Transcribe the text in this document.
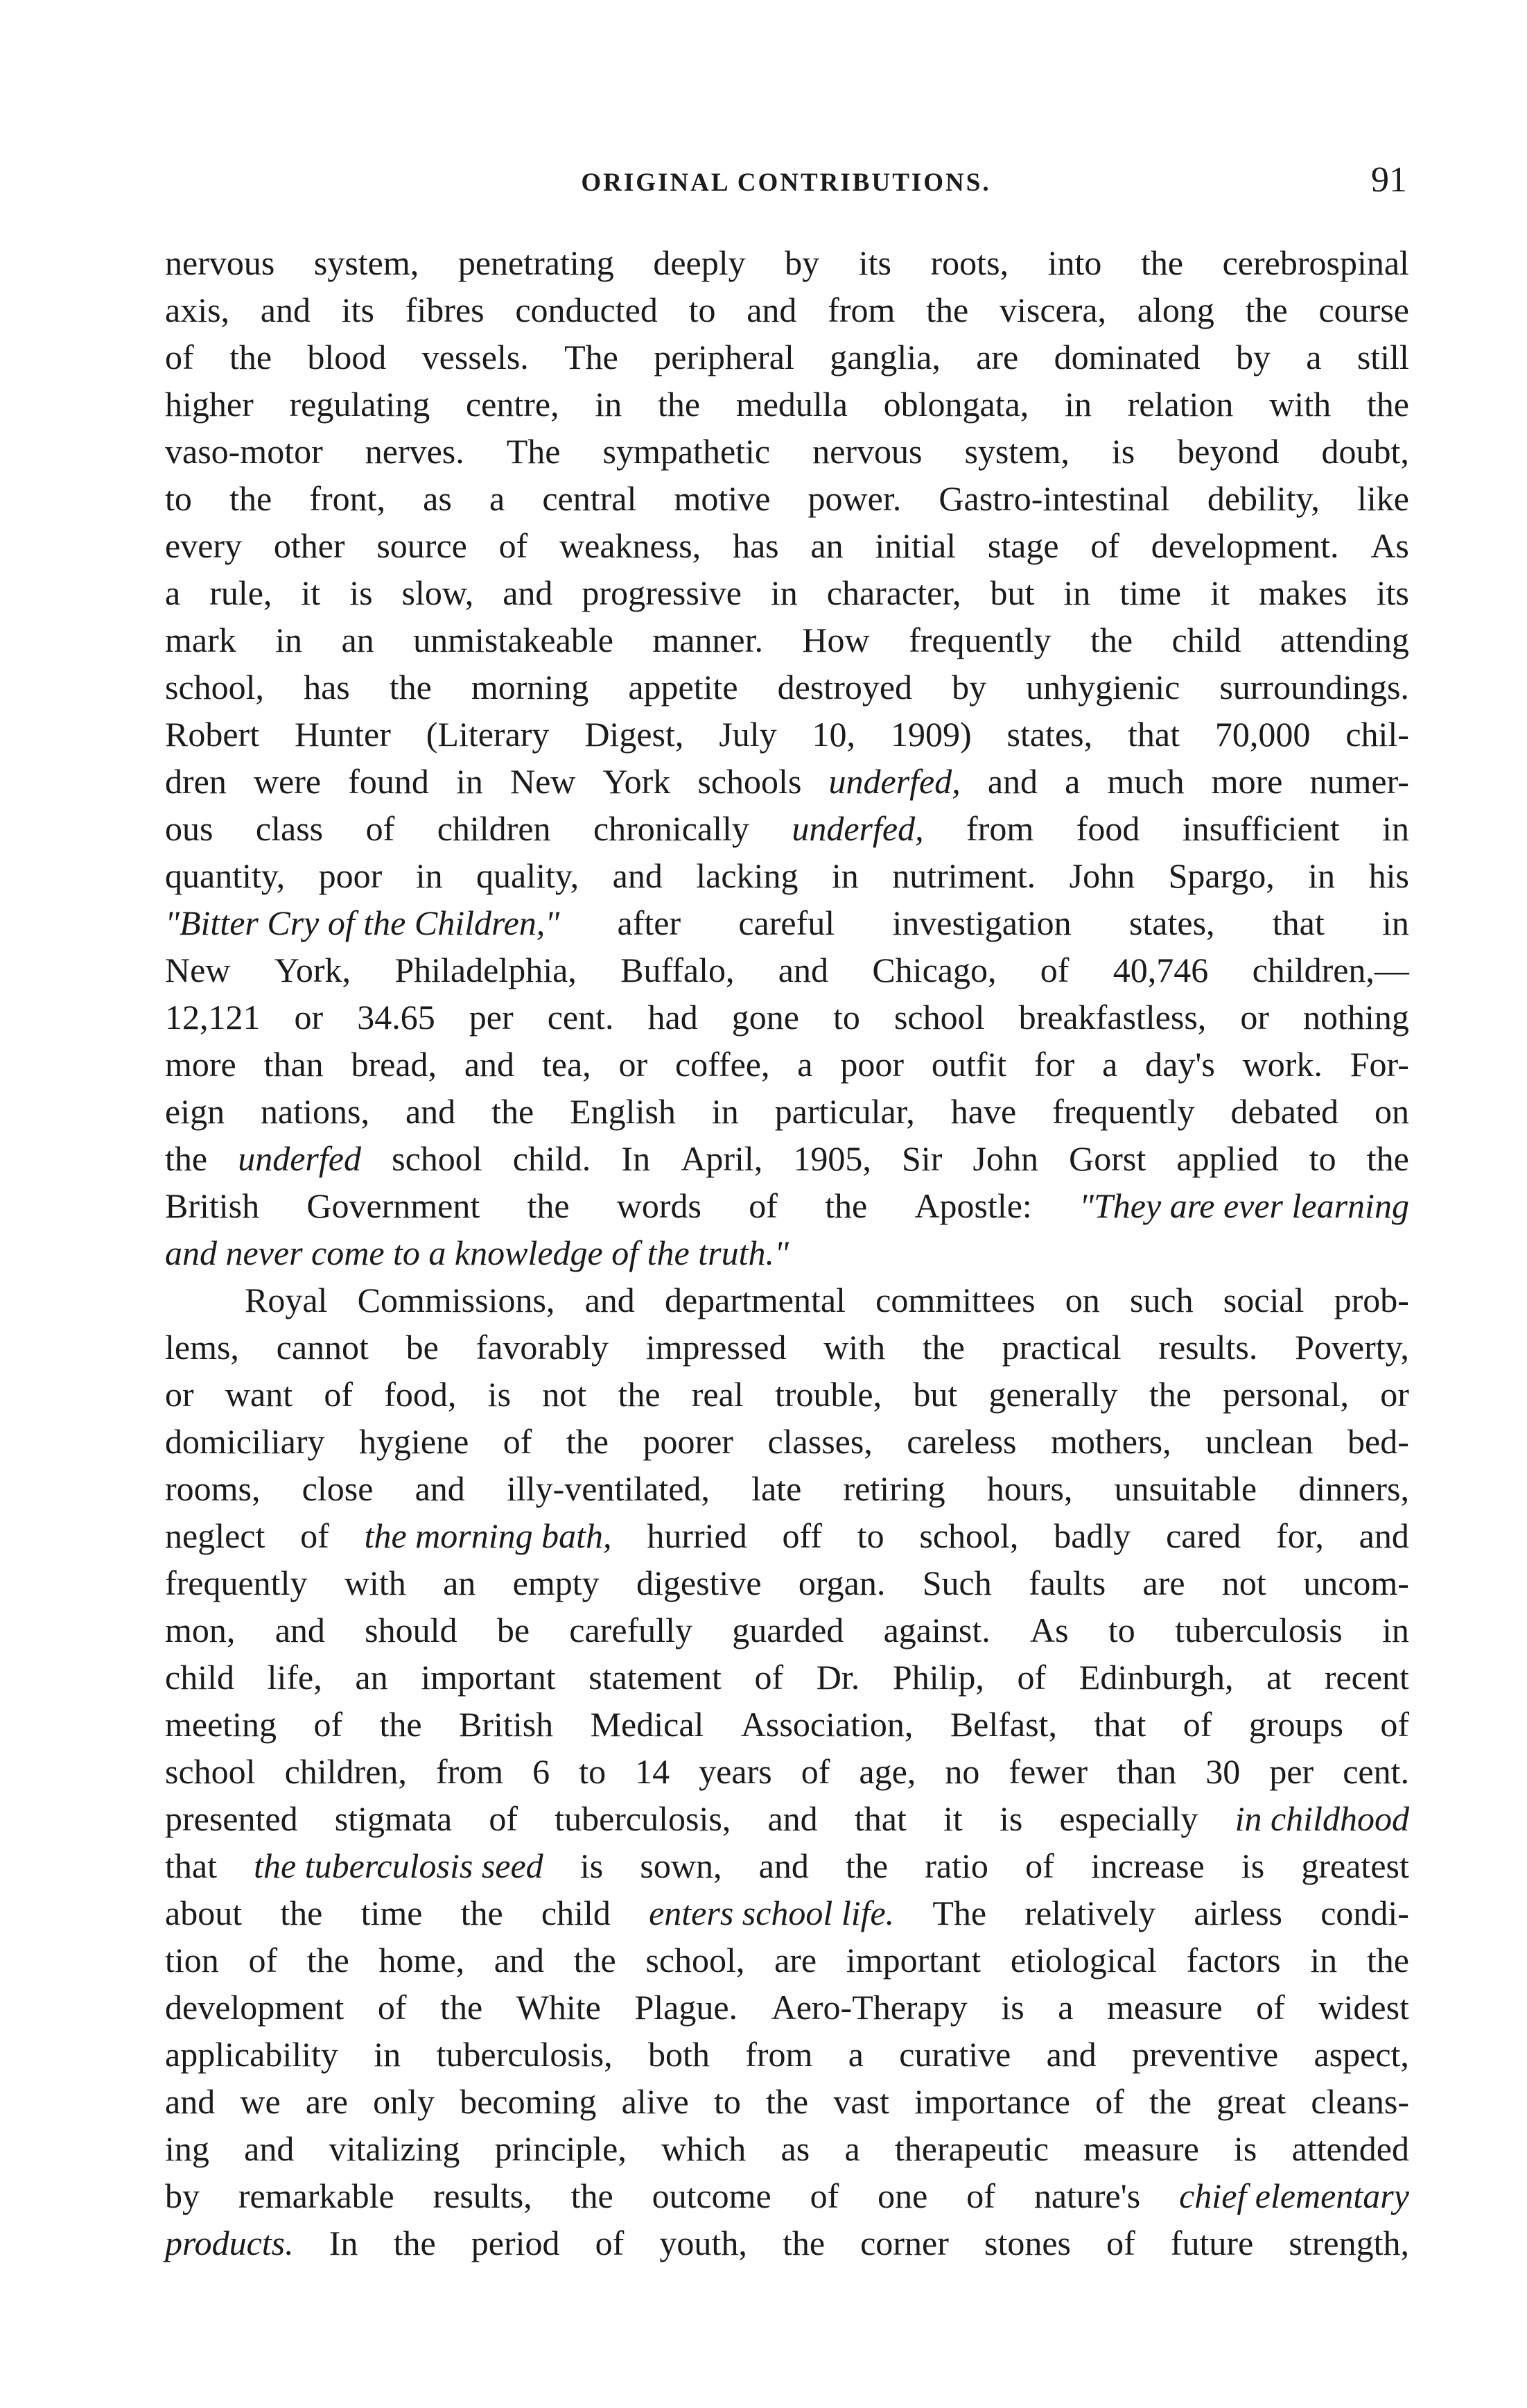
ORIGINAL CONTRIBUTIONS.	91
nervous system, penetrating deeply by its roots, into the cerebrospinal
axis, and its fibres conducted to and from the viscera, along the course
of the blood vessels. The peripheral ganglia, are dominated by a still
higher regulating centre, in the medulla oblongata, in relation with the
vaso-motor nerves. The sympathetic nervous system, is beyond doubt,
to the front, as a central motive power. Gastro-intestinal debility, like
every other source of weakness, has an initial stage of development. As
a rule, it is slow, and progressive in character, but in time it makes its
mark in an unmistakeable manner. How frequently the child attending
school, has the morning appetite destroyed by unhygienic surroundings.
Robert Hunter (Literary Digest, July 10, 1909) states, that 70,000 chil-
dren were found in New York schools underfed, and a much more numer-
ous class of children chronically underfed, from food insufficient in
quantity, poor in quality, and lacking in nutriment. John Spargo, in his
"Bitter Cry of the Children," after careful investigation states, that in
New York, Philadelphia, Buffalo, and Chicago, of 40,746 children,—
12,121 or 34.65 per cent. had gone to school breakfastless, or nothing
more than bread, and tea, or coffee, a poor outfit for a day's work. For-
eign nations, and the English in particular, have frequently debated on
the underfed school child. In April, 1905, Sir John Gorst applied to the
British Government the words of the Apostle: "They are ever learning
and never come to a knowledge of the truth."
Royal Commissions, and departmental committees on such social prob-
lems, cannot be favorably impressed with the practical results. Poverty,
or want of food, is not the real trouble, but generally the personal, or
domiciliary hygiene of the poorer classes, careless mothers, unclean bed-
rooms, close and illy-ventilated, late retiring hours, unsuitable dinners,
neglect of the morning bath, hurried off to school, badly cared for, and
frequently with an empty digestive organ. Such faults are not uncom-
mon, and should be carefully guarded against. As to tuberculosis in
child life, an important statement of Dr. Philip, of Edinburgh, at recent
meeting of the British Medical Association, Belfast, that of groups of
school children, from 6 to 14 years of age, no fewer than 30 per cent.
presented stigmata of tuberculosis, and that it is especially in childhood
that the tuberculosis seed is sown, and the ratio of increase is greatest
about the time the child enters school life. The relatively airless condi-
tion of the home, and the school, are important etiological factors in the
development of the White Plague. Aero-Therapy is a measure of widest
applicability in tuberculosis, both from a curative and preventive aspect,
and we are only becoming alive to the vast importance of the great cleans-
ing and vitalizing principle, which as a therapeutic measure is attended
by remarkable results, the outcome of one of nature's chief elementary
products. In the period of youth, the corner stones of future strength,
